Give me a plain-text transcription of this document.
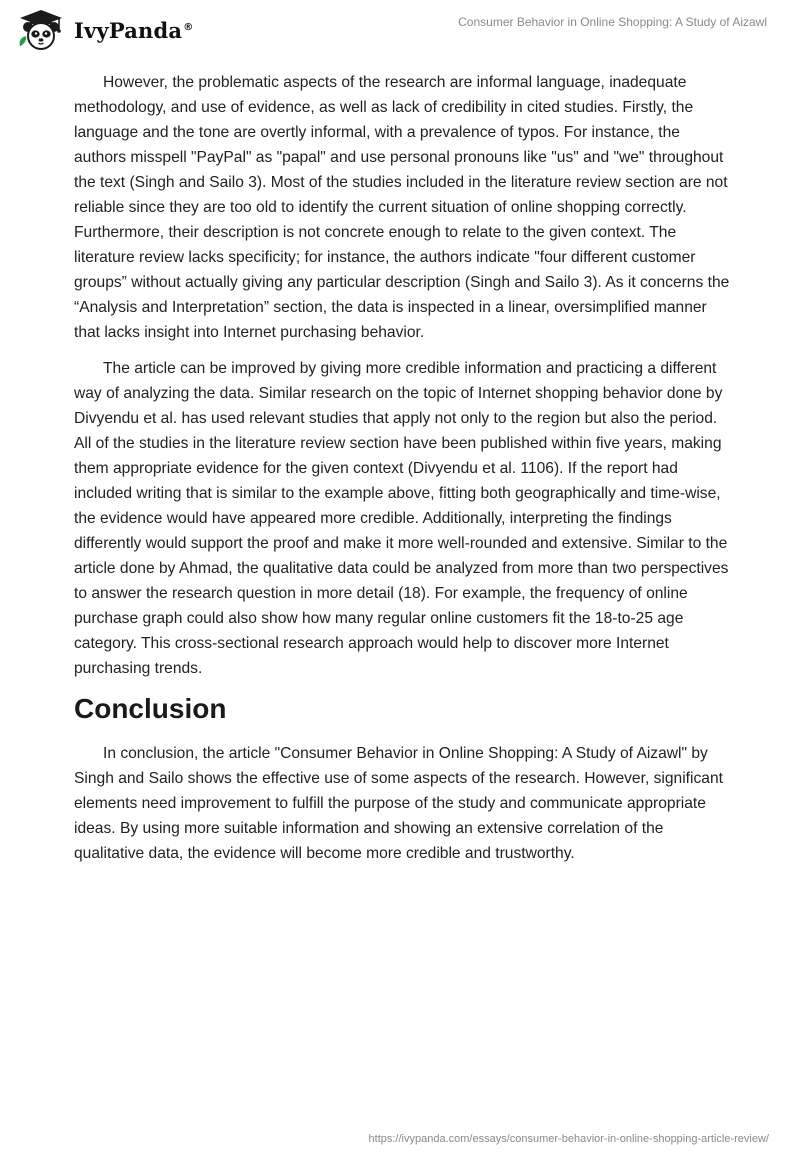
IvyPanda®	Consumer Behavior in Online Shopping: A Study of Aizawl

However, the problematic aspects of the research are informal language, inadequate methodology, and use of evidence, as well as lack of credibility in cited studies. Firstly, the language and the tone are overtly informal, with a prevalence of typos. For instance, the authors misspell "PayPal" as "papal" and use personal pronouns like "us" and "we" throughout the text (Singh and Sailo 3). Most of the studies included in the literature review section are not reliable since they are too old to identify the current situation of online shopping correctly. Furthermore, their description is not concrete enough to relate to the given context. The literature review lacks specificity; for instance, the authors indicate "four different customer groups” without actually giving any particular description (Singh and Sailo 3). As it concerns the “Analysis and Interpretation” section, the data is inspected in a linear, oversimplified manner that lacks insight into Internet purchasing behavior.

The article can be improved by giving more credible information and practicing a different way of analyzing the data. Similar research on the topic of Internet shopping behavior done by Divyendu et al. has used relevant studies that apply not only to the region but also the period. All of the studies in the literature review section have been published within five years, making them appropriate evidence for the given context (Divyendu et al. 1106). If the report had included writing that is similar to the example above, fitting both geographically and time-wise, the evidence would have appeared more credible. Additionally, interpreting the findings differently would support the proof and make it more well-rounded and extensive. Similar to the article done by Ahmad, the qualitative data could be analyzed from more than two perspectives to answer the research question in more detail (18). For example, the frequency of online purchase graph could also show how many regular online customers fit the 18-to-25 age category. This cross-sectional research approach would help to discover more Internet purchasing trends.

Conclusion

In conclusion, the article "Consumer Behavior in Online Shopping: A Study of Aizawl" by Singh and Sailo shows the effective use of some aspects of the research. However, significant elements need improvement to fulfill the purpose of the study and communicate appropriate ideas. By using more suitable information and showing an extensive correlation of the qualitative data, the evidence will become more credible and trustworthy.

https://ivypanda.com/essays/consumer-behavior-in-online-shopping-article-review/
